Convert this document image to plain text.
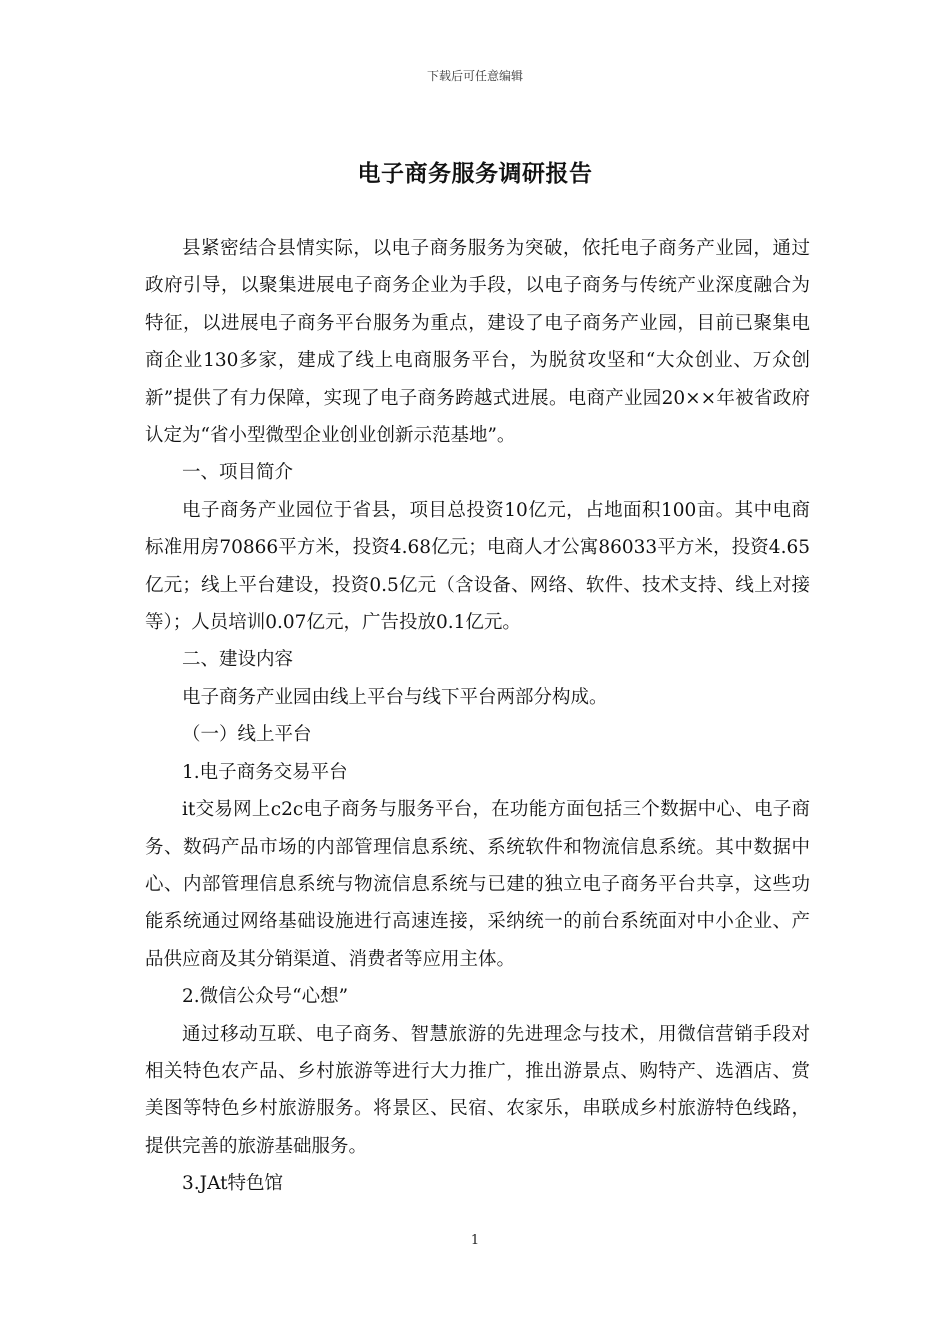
下载后可任意编辑
电子商务服务调研报告

县紧密结合县情实际，以电子商务服务为突破，依托电子商务产业园，通过政府引导，以聚集进展电子商务企业为手段，以电子商务与传统产业深度融合为特征，以进展电子商务平台服务为重点，建设了电子商务产业园，目前已聚集电商企业130多家，建成了线上电商服务平台，为脱贫攻坚和“大众创业、万众创新”提供了有力保障，实现了电子商务跨越式进展。电商产业园20××年被省政府认定为“省小型微型企业创业创新示范基地”。

一、项目简介

电子商务产业园位于省县，项目总投资10亿元，占地面积100亩。其中电商标准用房70866平方米，投资4.68亿元；电商人才公寓86033平方米，投资4.65亿元；线上平台建设，投资0.5亿元（含设备、网络、软件、技术支持、线上对接等）；人员培训0.07亿元，广告投放0.1亿元。

二、建设内容

电子商务产业园由线上平台与线下平台两部分构成。

（一）线上平台

1.电子商务交易平台

it交易网上c2c电子商务与服务平台，在功能方面包括三个数据中心、电子商务、数码产品市场的内部管理信息系统、系统软件和物流信息系统。其中数据中心、内部管理信息系统与物流信息系统与已建的独立电子商务平台共享，这些功能系统通过网络基础设施进行高速连接，采纳统一的前台系统面对中小企业、产品供应商及其分销渠道、消费者等应用主体。

2.微信公众号“心想”

通过移动互联、电子商务、智慧旅游的先进理念与技术，用微信营销手段对相关特色农产品、乡村旅游等进行大力推广，推出游景点、购特产、选酒店、赏美图等特色乡村旅游服务。将景区、民宿、农家乐，串联成乡村旅游特色线路，提供完善的旅游基础服务。

3.JAt特色馆

1
